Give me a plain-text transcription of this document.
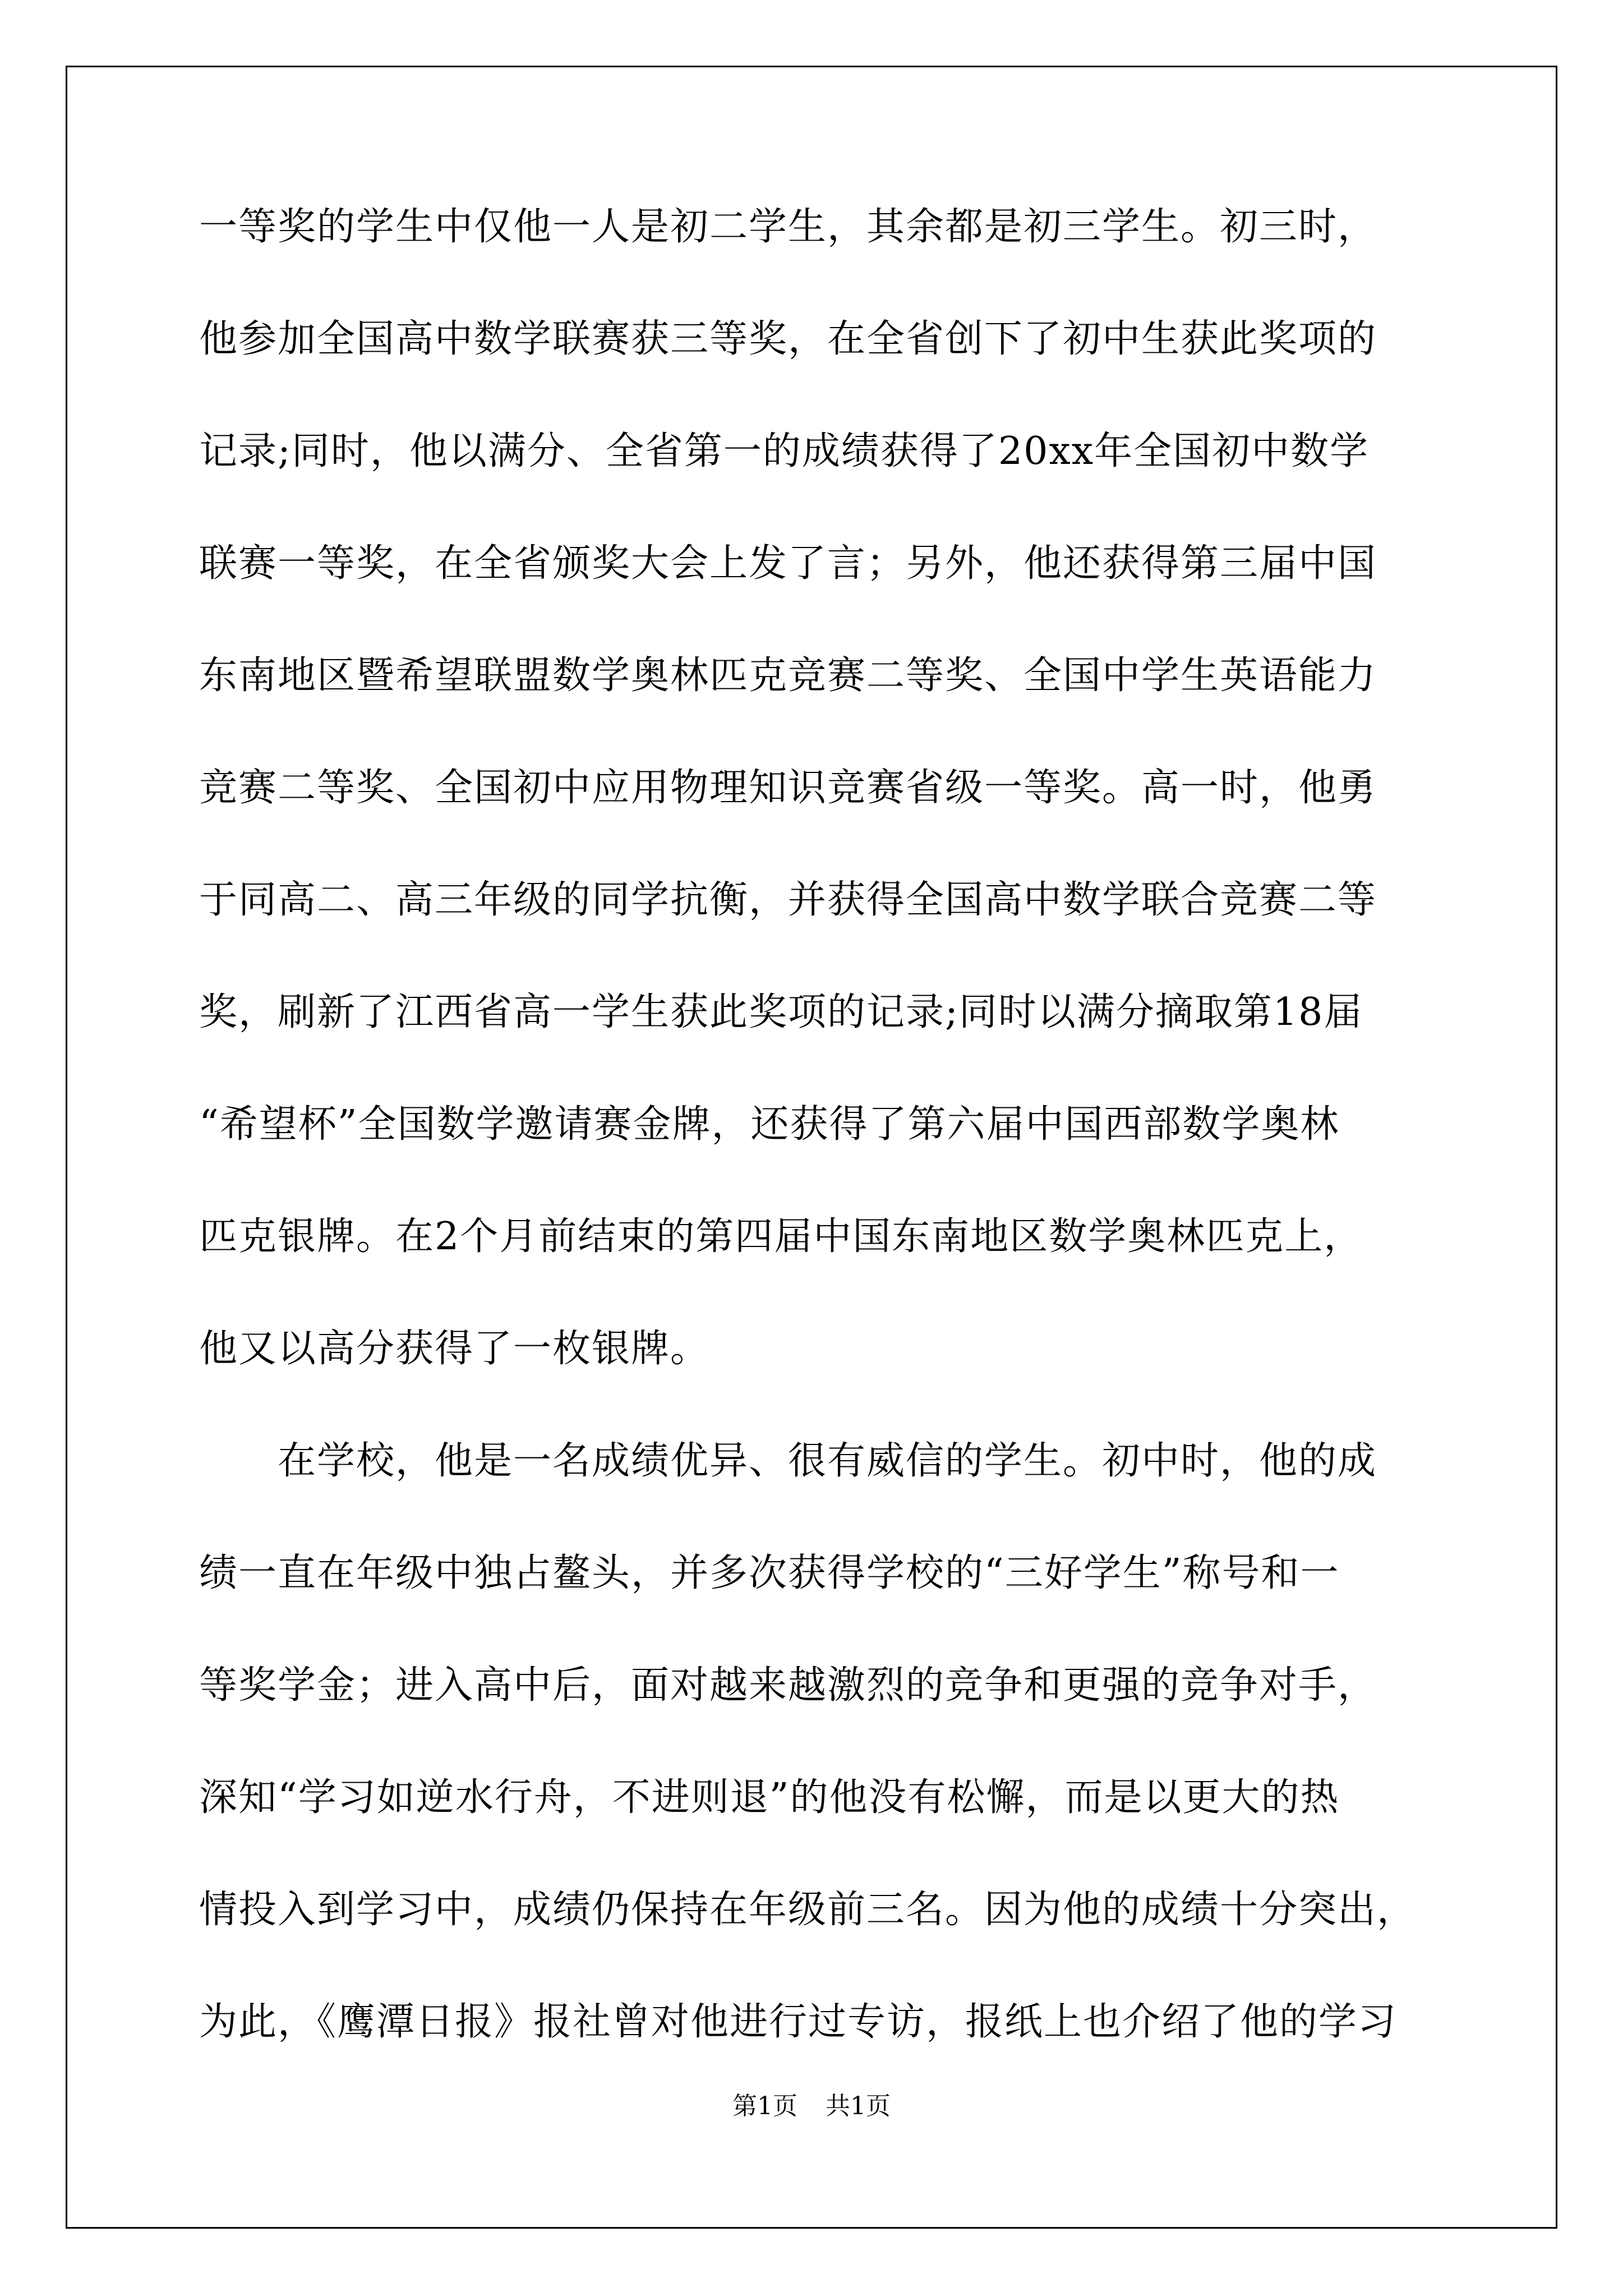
一等奖的学生中仅他一人是初二学生，其余都是初三学生。初三时，
他参加全国高中数学联赛获三等奖，在全省创下了初中生获此奖项的
记录;同时，他以满分、全省第一的成绩获得了20xx年全国初中数学
联赛一等奖，在全省颁奖大会上发了言；另外，他还获得第三届中国
东南地区暨希望联盟数学奥林匹克竞赛二等奖、全国中学生英语能力
竞赛二等奖、全国初中应用物理知识竞赛省级一等奖。高一时，他勇
于同高二、高三年级的同学抗衡，并获得全国高中数学联合竞赛二等
奖，刷新了江西省高一学生获此奖项的记录;同时以满分摘取第18届
“希望杯”全国数学邀请赛金牌，还获得了第六届中国西部数学奥林
匹克银牌。在2个月前结束的第四届中国东南地区数学奥林匹克上，
他又以高分获得了一枚银牌。
在学校，他是一名成绩优异、很有威信的学生。初中时，他的成
绩一直在年级中独占鳌头，并多次获得学校的“三好学生”称号和一
等奖学金；进入高中后，面对越来越激烈的竞争和更强的竞争对手，
深知“学习如逆水行舟，不进则退”的他没有松懈，而是以更大的热
情投入到学习中，成绩仍保持在年级前三名。因为他的成绩十分突出，
为此，《鹰潭日报》报社曾对他进行过专访，报纸上也介绍了他的学习
第1页 共1页
